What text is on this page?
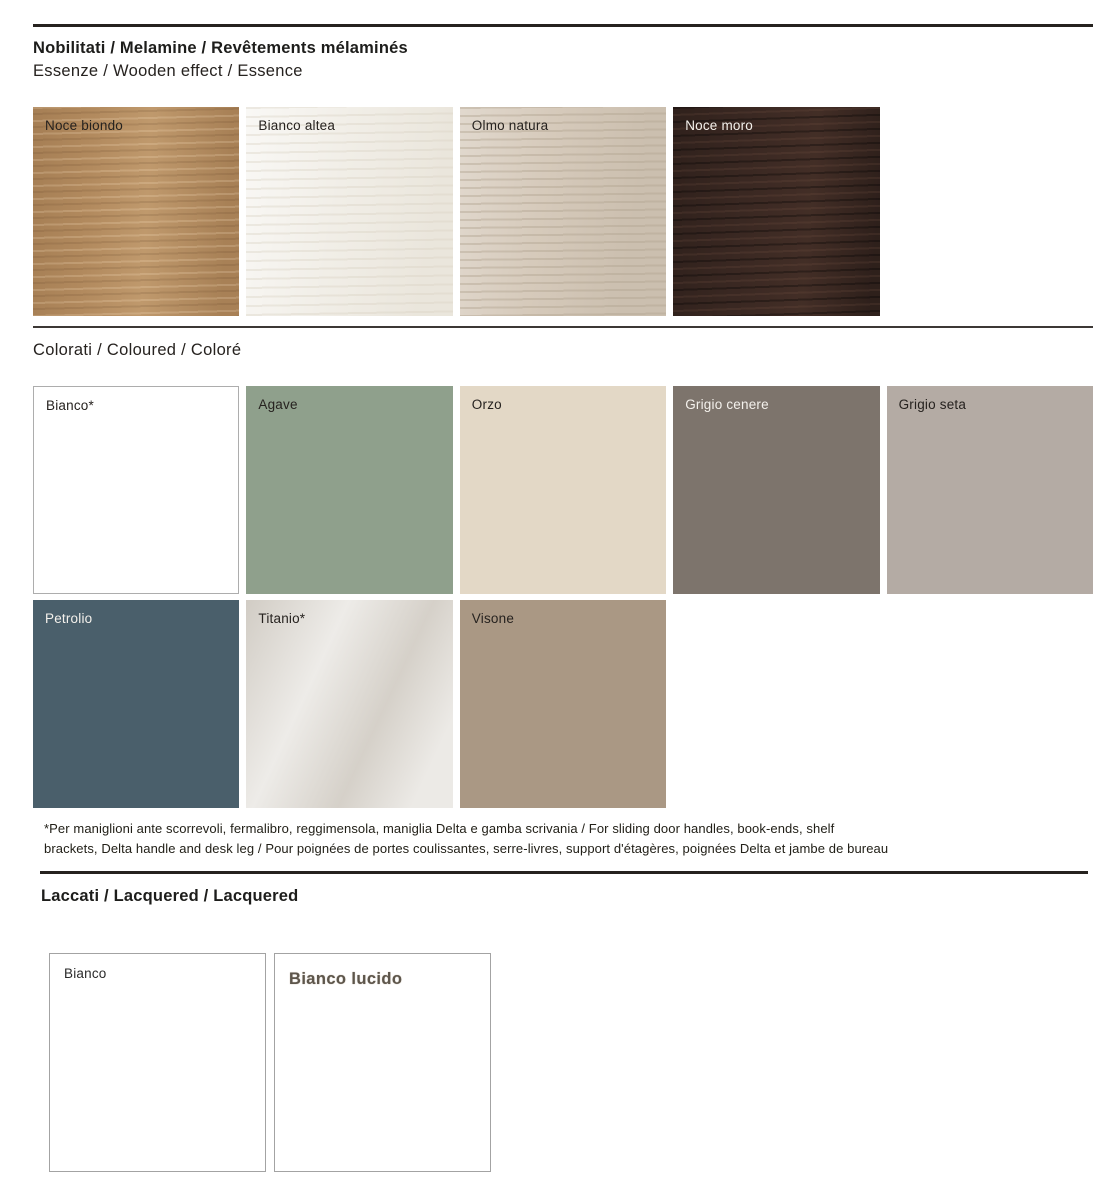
Nobilitati / Melamine / Revêtements mélaminés
Essenze / Wooden effect / Essence
Noce biondo	Bianco altea	Olmo natura	Noce moro
Colorati / Coloured / Coloré
Bianco*	Agave	Orzo	Grigio cenere	Grigio seta
Petrolio	Titanio*	Visone
*Per maniglioni ante scorrevoli, fermalibro, reggimensola, maniglia Delta e gamba scrivania / For sliding door handles, book-ends, shelf
brackets, Delta handle and desk leg / Pour poignées de portes coulissantes, serre-livres, support d'étagères, poignées Delta et jambe de bureau
Laccati / Lacquered / Lacquered
Bianco	Bianco lucido
